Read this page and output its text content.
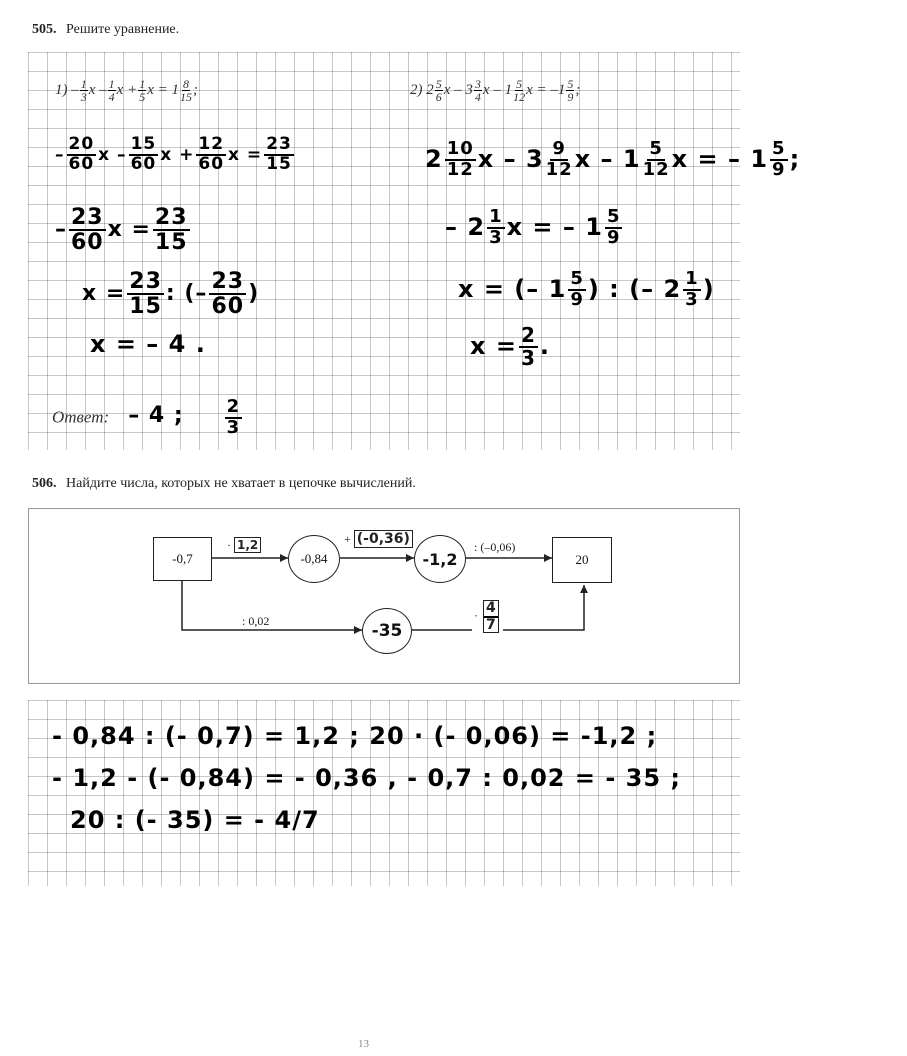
505. Решите уравнение.
$1) - \frac{1}{3}$ x – $\frac{1}{4}$ $x + \frac{1}{5}$ $x = 1 \frac{8}{15}$ ;	2) $2 \frac{5}{6}$ x – $3 \frac{3}{4}$ x – $1 \frac{5}{12}$ $x = -1 \frac{5}{9}$ ;
– $\frac{20}{60}$ x – $\frac{15}{60}$ $x + \frac{12}{60}$ $x = \frac{23}{15}$
– $\frac{23}{60}$ $x = \frac{23}{15}$
$x = \frac{23}{15}$ : (– $\frac{23}{60}$ )
x = – 4 .
$2 \frac{10}{12}$ x – $3 \frac{9}{12}$ x – $1 \frac{5}{12}$ x = – $1 \frac{5}{9}$ ;
– $2 \frac{1}{3}$ x = – $1 \frac{5}{9}$
x = (– $1 \frac{5}{9}$ ) : (– $2 \frac{1}{3}$ )
$x = \frac{2}{3}$ .
Ответ: – 4 ; $\frac{2}{3}$
506. Найдите числа, которых не хватает в цепочке вычислений.
-0,7	-0,84	-1,2	20
-35
· 1,2	+ (-0,36)	: (–0,06)
: 0,02	· $\frac{4}{7}$
- 0,84 : (- 0,7) = 1,2 ; 20 · (- 0,06) = -1,2 ;
- 1,2 - (- 0,84) = - 0,36 , - 0,7 : 0,02 = - 35 ;
20 : (- 35) = - 4/7
13
